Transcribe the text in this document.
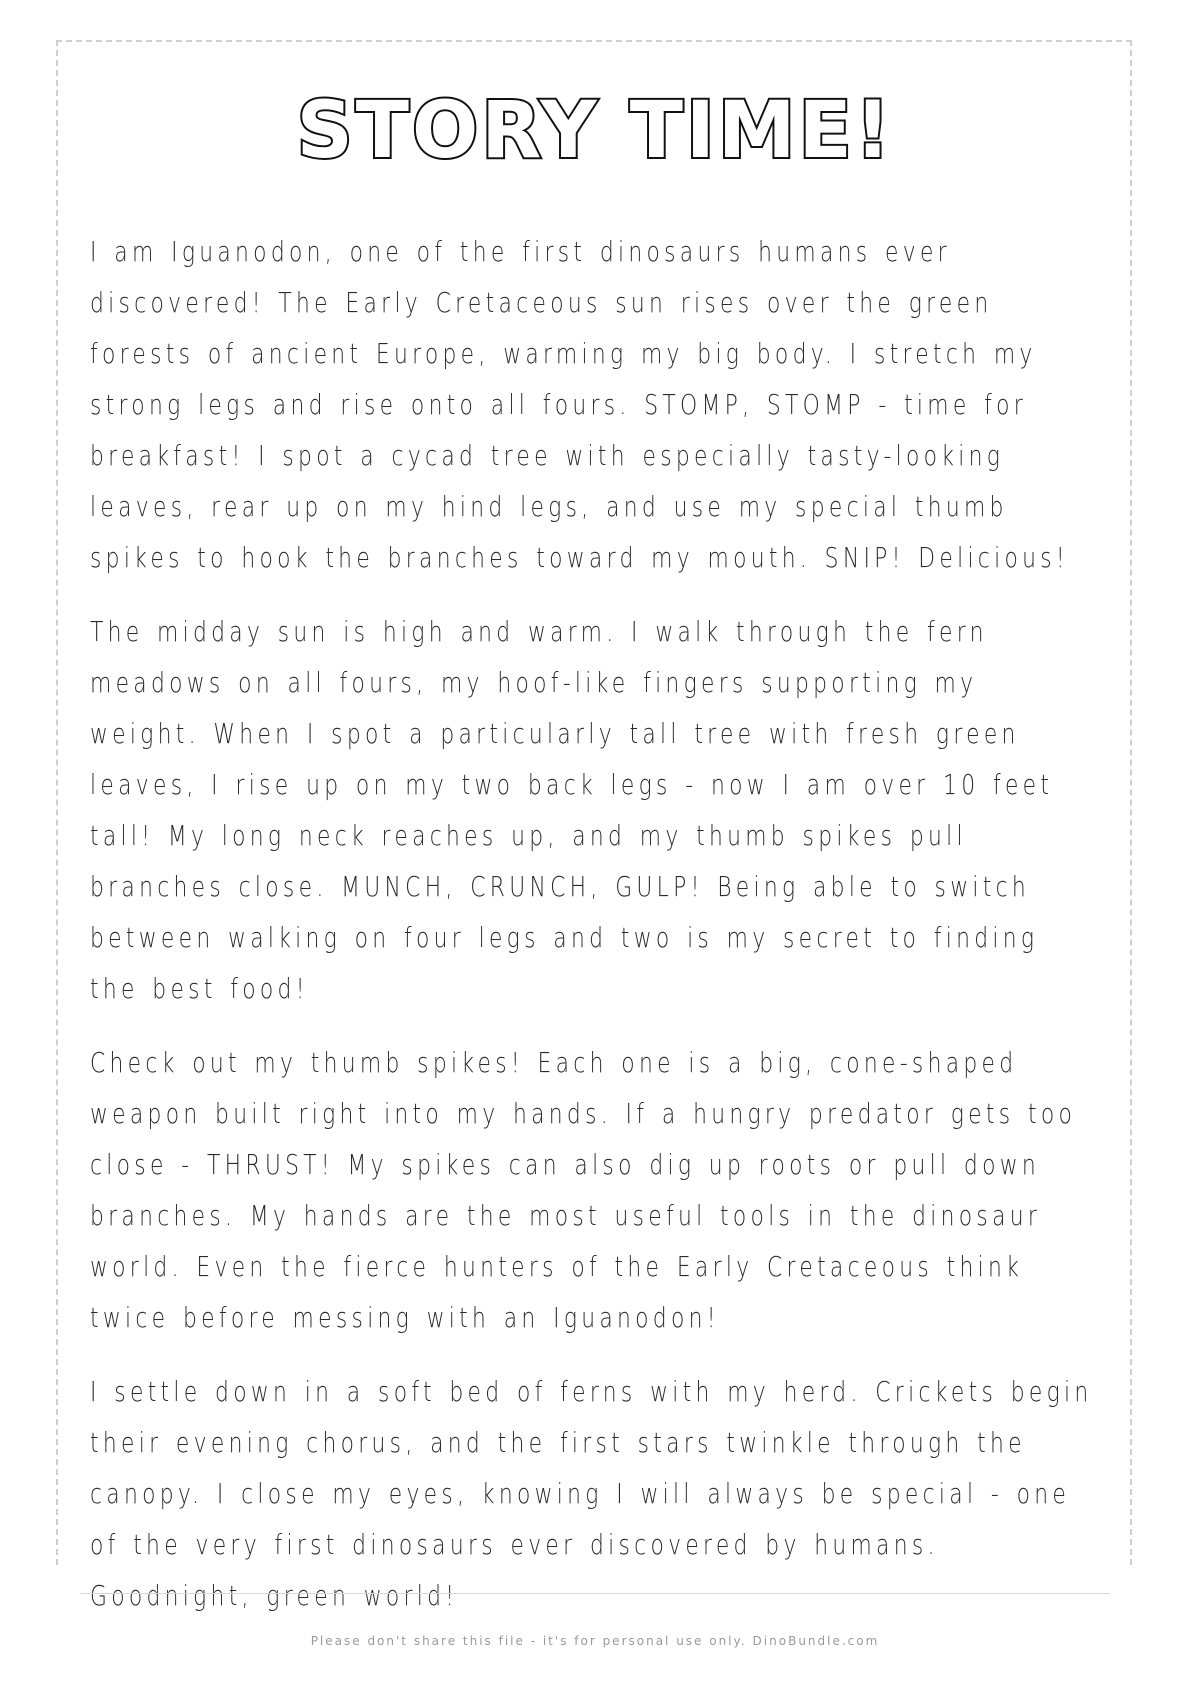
STORY TIME!

I am Iguanodon, one of the first dinosaurs humans ever discovered! The Early Cretaceous sun rises over the green forests of ancient Europe, warming my big body. I stretch my strong legs and rise onto all fours. STOMP, STOMP - time for breakfast! I spot a cycad tree with especially tasty-looking leaves, rear up on my hind legs, and use my special thumb spikes to hook the branches toward my mouth. SNIP! Delicious!

The midday sun is high and warm. I walk through the fern meadows on all fours, my hoof-like fingers supporting my weight. When I spot a particularly tall tree with fresh green leaves, I rise up on my two back legs - now I am over 10 feet tall! My long neck reaches up, and my thumb spikes pull branches close. MUNCH, CRUNCH, GULP! Being able to switch between walking on four legs and two is my secret to finding the best food!

Check out my thumb spikes! Each one is a big, cone-shaped weapon built right into my hands. If a hungry predator gets too close - THRUST! My spikes can also dig up roots or pull down branches. My hands are the most useful tools in the dinosaur world. Even the fierce hunters of the Early Cretaceous think twice before messing with an Iguanodon!

I settle down in a soft bed of ferns with my herd. Crickets begin their evening chorus, and the first stars twinkle through the canopy. I close my eyes, knowing I will always be special - one of the very first dinosaurs ever discovered by humans. Goodnight, green world!

Please don't share this file - it's for personal use only. DinoBundle.com
